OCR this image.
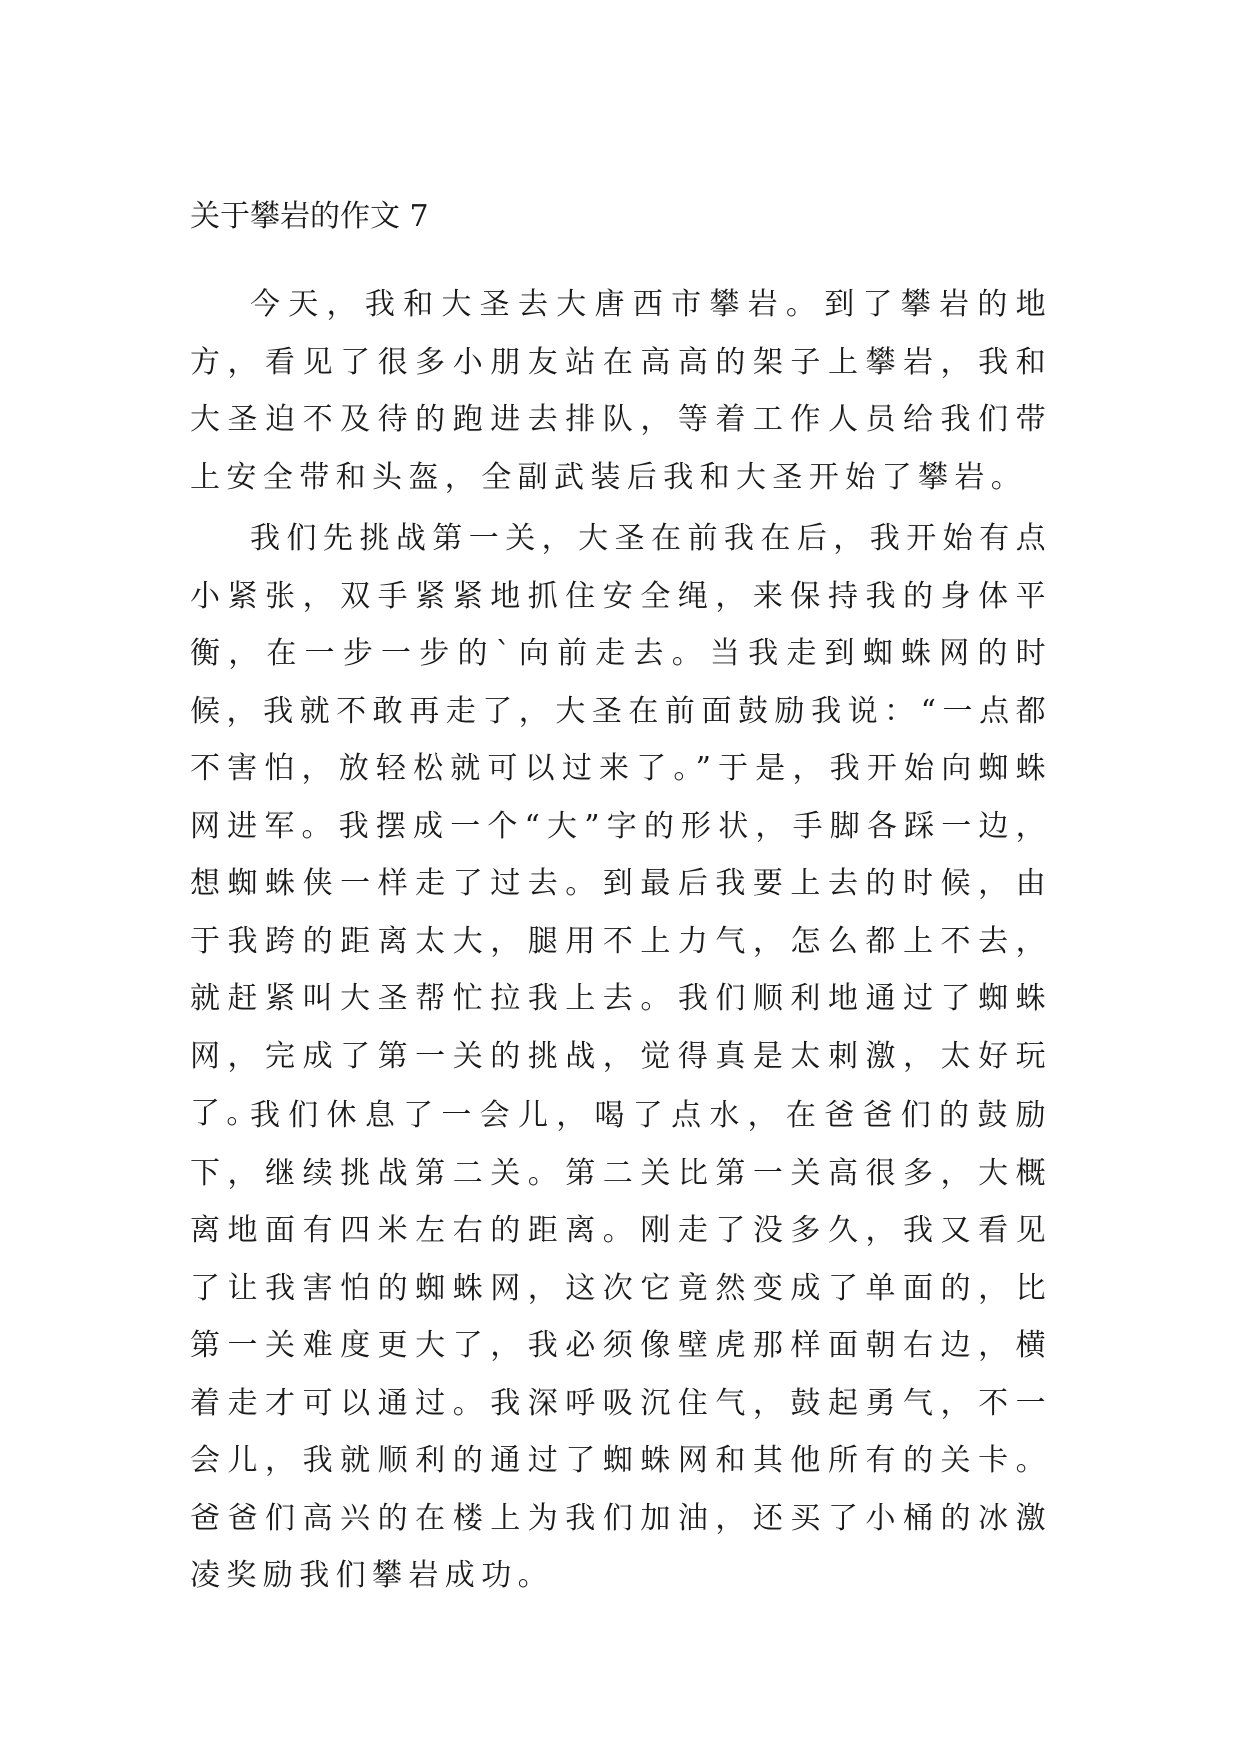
关于攀岩的作文 7

今天，我和大圣去大唐西市攀岩。到了攀岩的地方，看见了很多小朋友站在高高的架子上攀岩，我和大圣迫不及待的跑进去排队，等着工作人员给我们带上安全带和头盔，全副武装后我和大圣开始了攀岩。

我们先挑战第一关，大圣在前我在后，我开始有点小紧张，双手紧紧地抓住安全绳，来保持我的身体平衡，在一步一步的`向前走去。当我走到蜘蛛网的时候，我就不敢再走了，大圣在前面鼓励我说：“一点都不害怕，放轻松就可以过来了。”于是，我开始向蜘蛛网进军。我摆成一个“大”字的形状，手脚各踩一边，想蜘蛛侠一样走了过去。到最后我要上去的时候，由于我跨的距离太大，腿用不上力气，怎么都上不去，就赶紧叫大圣帮忙拉我上去。我们顺利地通过了蜘蛛网，完成了第一关的挑战，觉得真是太刺激，太好玩了。

我们休息了一会儿，喝了点水，在爸爸们的鼓励下，继续挑战第二关。第二关比第一关高很多，大概离地面有四米左右的距离。刚走了没多久，我又看见了让我害怕的蜘蛛网，这次它竟然变成了单面的，比第一关难度更大了，我必须像壁虎那样面朝右边，横着走才可以通过。我深呼吸沉住气，鼓起勇气，不一会儿，我就顺利的通过了蜘蛛网和其他所有的关卡。爸爸们高兴的在楼上为我们加油，还买了小桶的冰激凌奖励我们攀岩成功。
